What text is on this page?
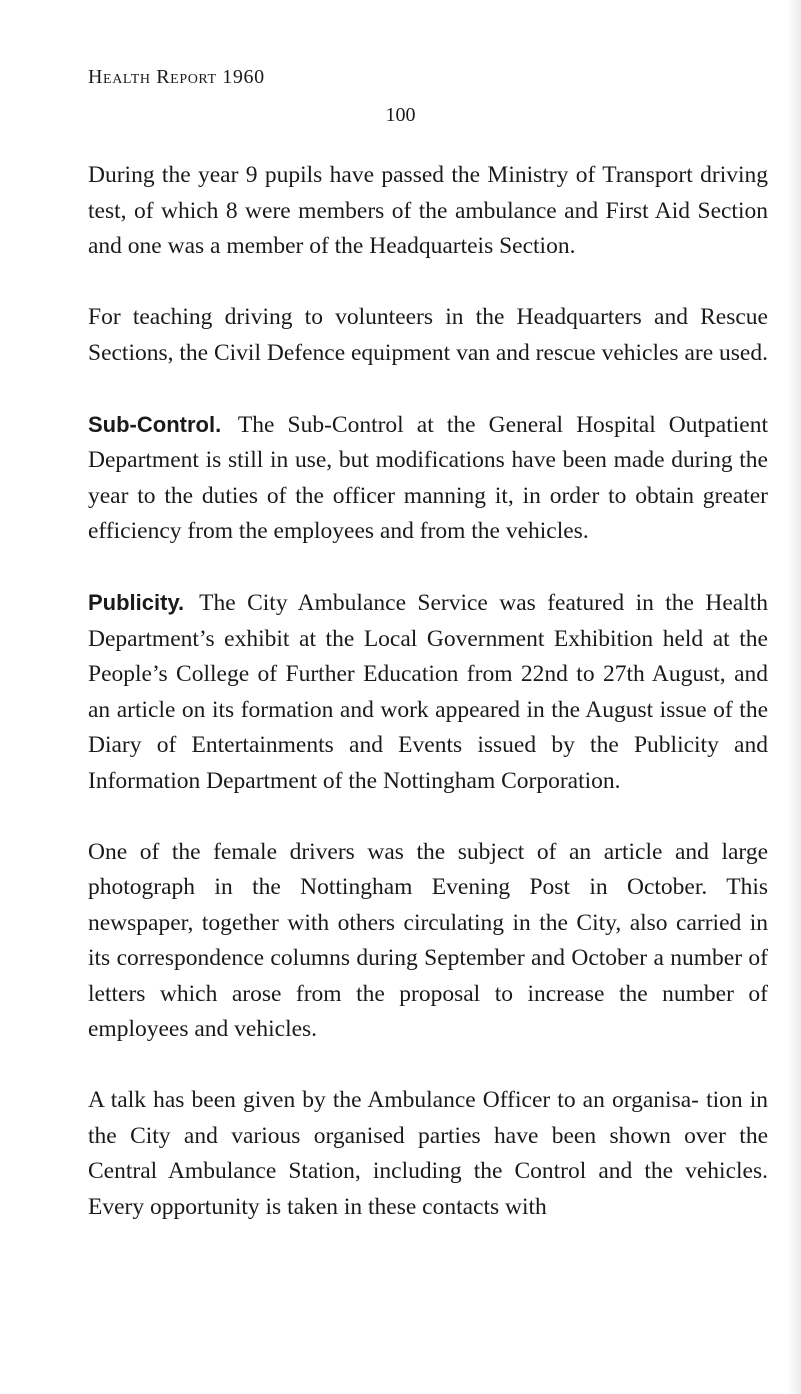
Health Report 1960
100

During the year 9 pupils have passed the Ministry of Transport driving test, of which 8 were members of the ambulance and First Aid Section and one was a member of the Headquarteis Section.

For teaching driving to volunteers in the Headquarters and Rescue Sections, the Civil Defence equipment van and rescue vehicles are used.

Sub-Control. The Sub-Control at the General Hospital Outpatient Department is still in use, but modifications have been made during the year to the duties of the officer manning it, in order to obtain greater efficiency from the employees and from the vehicles.

Publicity. The City Ambulance Service was featured in the Health Department’s exhibit at the Local Government Exhibition held at the People’s College of Further Education from 22nd to 27th August, and an article on its formation and work appeared in the August issue of the Diary of Entertainments and Events issued by the Publicity and Information Department of the Nottingham Corporation.

One of the female drivers was the subject of an article and large photograph in the Nottingham Evening Post in October. This newspaper, together with others circulating in the City, also carried in its correspondence columns during September and October a number of letters which arose from the proposal to increase the number of employees and vehicles.

A talk has been given by the Ambulance Officer to an organisa- tion in the City and various organised parties have been shown over the Central Ambulance Station, including the Control and the vehicles. Every opportunity is taken in these contacts with
